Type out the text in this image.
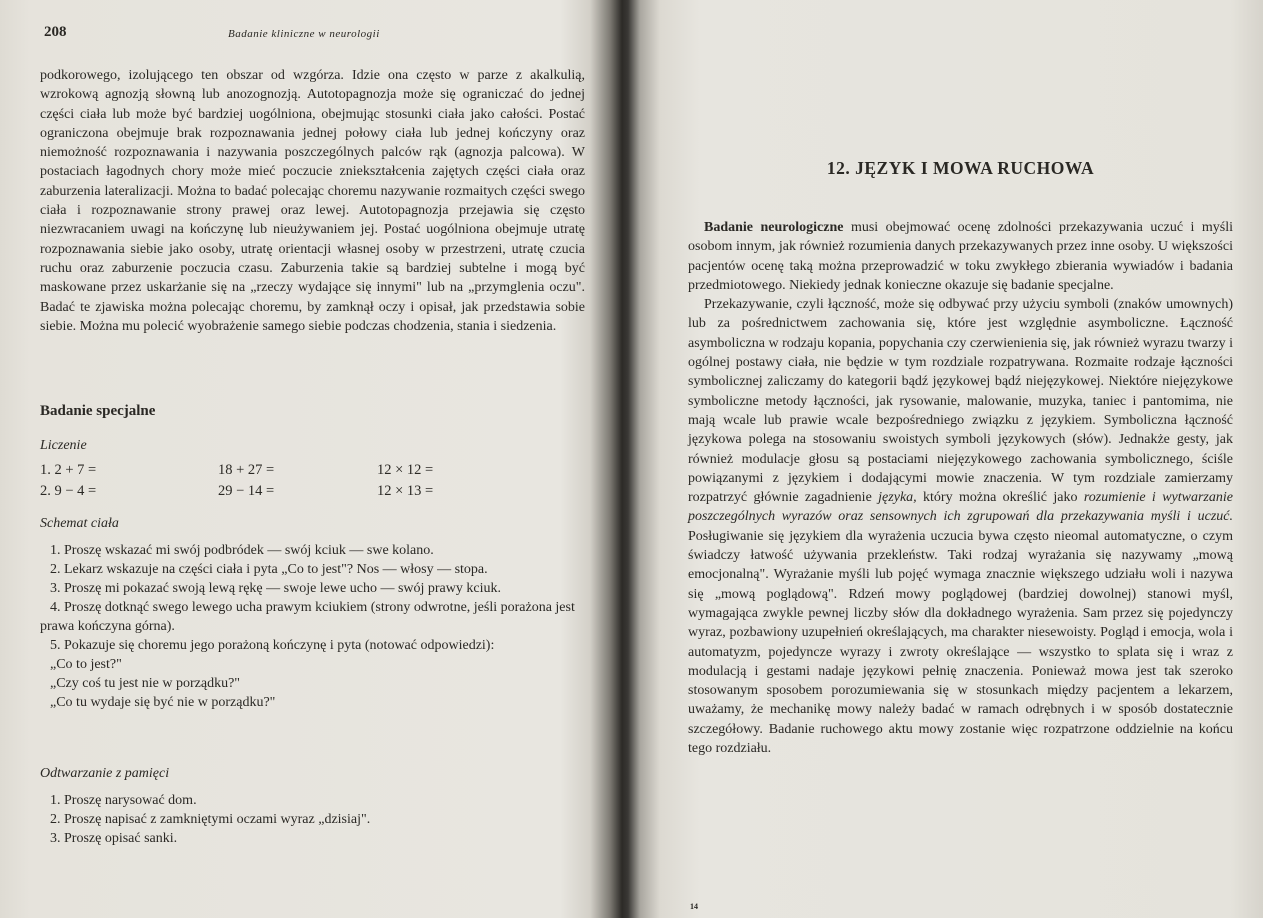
208	Badanie kliniczne w neurologii

podkorowego, izolującego ten obszar od wzgórza. Idzie ona często w parze z akalkulią, wzrokową agnozją słowną lub anozognozją. Autotopagnozja może się ograniczać do jednej części ciała lub może być bardziej uogólniona, obejmując stosunki ciała jako całości. Postać ograniczona obejmuje brak rozpoznawania jednej połowy ciała lub jednej kończyny oraz niemożność rozpoznawania i nazywania poszczególnych palców rąk (agnozja palcowa). W postaciach łagodnych chory może mieć poczucie zniekształcenia zajętych części ciała oraz zaburzenia lateralizacji. Można to badać polecając choremu nazywanie rozmaitych części swego ciała i rozpoznawanie strony prawej oraz lewej. Autotopagnozja przejawia się często niezwracaniem uwagi na kończynę lub nieużywaniem jej. Postać uogólniona obejmuje utratę rozpoznawania siebie jako osoby, utratę orientacji własnej osoby w przestrzeni, utratę czucia ruchu oraz zaburzenie poczucia czasu. Zaburzenia takie są bardziej subtelne i mogą być maskowane przez uskarżanie się na „rzeczy wydające się innymi" lub na „przymglenia oczu". Badać te zjawiska można polecając choremu, by zamknął oczy i opisał, jak przedstawia sobie siebie. Można mu polecić wyobrażenie samego siebie podczas chodzenia, stania i siedzenia.

Badanie specjalne
Liczenie
1. 2 + 7 =	18 + 27 =	12 × 12 =
2. 9 − 4 =	29 − 14 =	12 × 13 =
Schemat ciała

1. Proszę wskazać mi swój podbródek — swój kciuk — swe kolano.

2. Lekarz wskazuje na części ciała i pyta „Co to jest"? Nos — włosy — stopa.

3. Proszę mi pokazać swoją lewą rękę — swoje lewe ucho — swój prawy kciuk.

4. Proszę dotknąć swego lewego ucha prawym kciukiem (strony odwrotne, jeśli porażona jest prawa kończyna górna).

5. Pokazuje się choremu jego porażoną kończynę i pyta (notować odpowiedzi):

„Co to jest?"

„Czy coś tu jest nie w porządku?"

„Co tu wydaje się być nie w porządku?"

Odtwarzanie z pamięci

1. Proszę narysować dom.

2. Proszę napisać z zamkniętymi oczami wyraz „dzisiaj".

3. Proszę opisać sanki.

12. JĘZYK I MOWA RUCHOWA

Badanie neurologiczne musi obejmować ocenę zdolności przekazywania uczuć i myśli osobom innym, jak również rozumienia danych przekazywanych przez inne osoby. U większości pacjentów ocenę taką można przeprowadzić w toku zwykłego zbierania wywiadów i badania przedmiotowego. Niekiedy jednak konieczne okazuje się badanie specjalne.

Przekazywanie, czyli łączność, może się odbywać przy użyciu symboli (znaków umownych) lub za pośrednictwem zachowania się, które jest względnie asymboliczne. Łączność asymboliczna w rodzaju kopania, popychania czy czerwienienia się, jak również wyrazu twarzy i ogólnej postawy ciała, nie będzie w tym rozdziale rozpatrywana. Rozmaite rodzaje łączności symbolicznej zaliczamy do kategorii bądź językowej bądź niejęzykowej. Niektóre niejęzykowe symboliczne metody łączności, jak rysowanie, malowanie, muzyka, taniec i pantomima, nie mają wcale lub prawie wcale bezpośredniego związku z językiem. Symboliczna łączność językowa polega na stosowaniu swoistych symboli językowych (słów). Jednakże gesty, jak również modulacje głosu są postaciami niejęzykowego zachowania symbolicznego, ściśle powiązanymi z językiem i dodającymi mowie znaczenia. W tym rozdziale zamierzamy rozpatrzyć głównie zagadnienie języka, który można określić jako rozumienie i wytwarzanie poszczególnych wyrazów oraz sensownych ich zgrupowań dla przekazywania myśli i uczuć. Posługiwanie się językiem dla wyrażenia uczucia bywa często nieomal automatyczne, o czym świadczy łatwość używania przekleństw. Taki rodzaj wyrażania się nazywamy „mową emocjonalną". Wyrażanie myśli lub pojęć wymaga znacznie większego udziału woli i nazywa się „mową poglądową". Rdzeń mowy poglądowej (bardziej dowolnej) stanowi myśl, wymagająca zwykle pewnej liczby słów dla dokładnego wyrażenia. Sam przez się pojedynczy wyraz, pozbawiony uzupełnień określających, ma charakter niesewoisty. Pogląd i emocja, wola i automatyzm, pojedyncze wyrazy i zwroty określające — wszystko to splata się i wraz z modulacją i gestami nadaje językowi pełnię znaczenia. Ponieważ mowa jest tak szeroko stosowanym sposobem porozumiewania się w stosunkach między pacjentem a lekarzem, uważamy, że mechanikę mowy należy badać w ramach odrębnych i w sposób dostatecznie szczegółowy. Badanie ruchowego aktu mowy zostanie więc rozpatrzone oddzielnie na końcu tego rozdziału.

14
